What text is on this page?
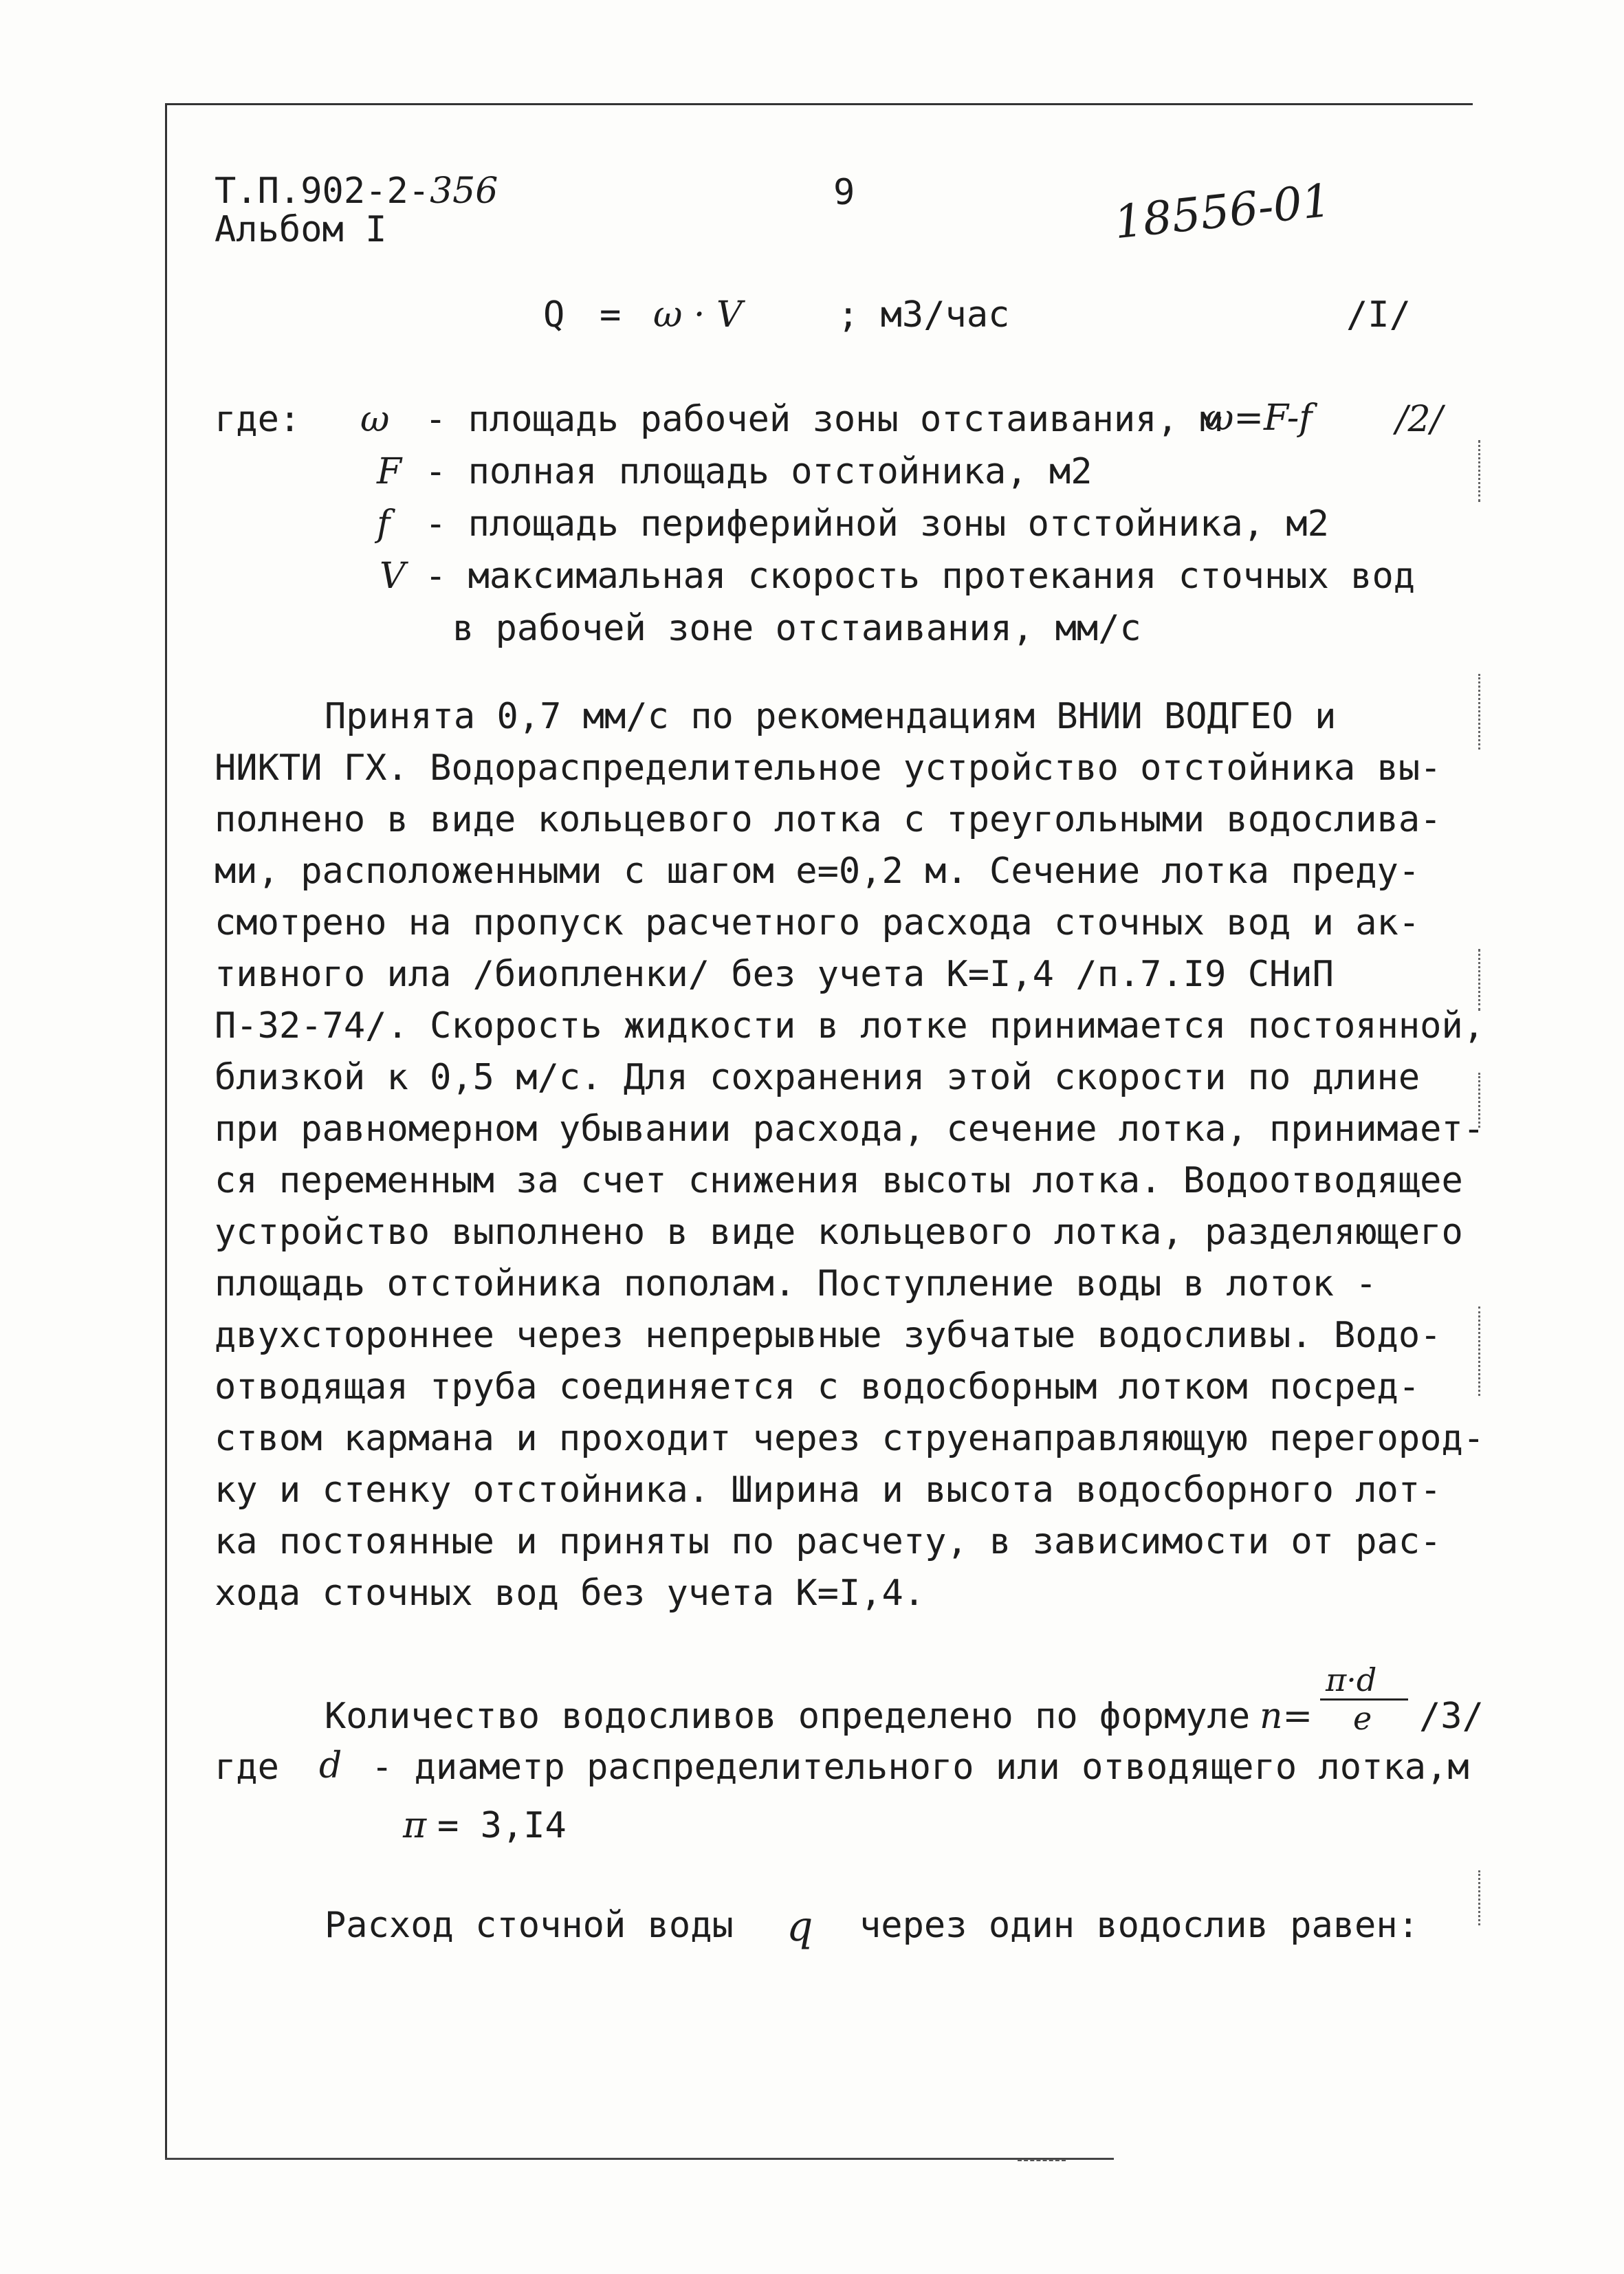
Т.П.902-2-356
Альбом I
9	18556-01
Q = ω · V	; м3/час	/I/
где: ω - площадь рабочей зоны отстаивания, м
ω=F-f /2/
F - полная площадь отстойника, м2
f - площадь периферийной зоны отстойника, м2
V - максимальная скорость протекания сточных вод
в рабочей зоне отстаивания, мм/с
Принята 0,7 мм/с по рекомендациям ВНИИ ВОДГЕО и
НИКТИ ГХ. Водораспределительное устройство отстойника вы-
полнено в виде кольцевого лотка с треугольными водослива-
ми, расположенными с шагом е=0,2 м. Сечение лотка преду-
смотрено на пропуск расчетного расхода сточных вод и ак-
тивного ила /биопленки/ без учета К=I,4 /п.7.I9 СНиП
П-32-74/. Скорость жидкости в лотке принимается постоянной,
близкой к 0,5 м/с. Для сохранения этой скорости по длине
при равномерном убывании расхода, сечение лотка, принимает-
ся переменным за счет снижения высоты лотка. Водоотводящее
устройство выполнено в виде кольцевого лотка, разделяющего
площадь отстойника пополам. Поступление воды в лоток -
двухстороннее через непрерывные зубчатые водосливы. Водо-
отводящая труба соединяется с водосборным лотком посред-
ством кармана и проходит через струенаправляющую перегород-
ку и стенку отстойника. Ширина и высота водосборного лот-
ка постоянные и приняты по расчету, в зависимости от рас-
хода сточных вод без учета К=I,4.
Количество водосливов определено по формуле n=
π·d
e /3/
где d - диаметр распределительного или отводящего лотка,м
π = 3,I4
Расход сточной воды q через один водослив равен:
